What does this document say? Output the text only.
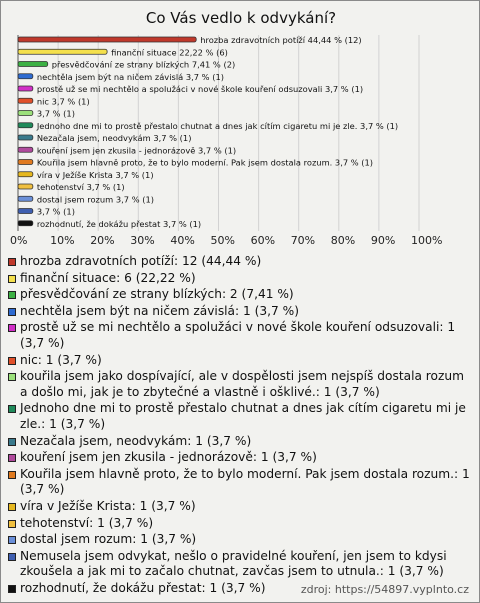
Co Vás vedlo k odvykání?
0% 10% 20% 30% 40% 50% 60% 70% 80% 90% 100%
hrozba zdravotních potíží 44,44 % (12)
finanční situace 22,22 % (6)
přesvědčování ze strany blízkých 7,41 % (2)
nechtěla jsem být na ničem závislá 3,7 % (1)
prostě už se mi nechtělo a spolužáci v nové škole kouření odsuzovali 3,7 % (1)
nic 3,7 % (1)
3,7 % (1)
Jednoho dne mi to prostě přestalo chutnat a dnes jak cítím cigaretu mi je zle. 3,7 % (1)
Nezačala jsem, neodvykám 3,7 % (1)
kouření jsem jen zkusila - jednorázově 3,7 % (1)
Kouřila jsem hlavně proto, že to bylo moderní. Pak jsem dostala rozum. 3,7 % (1)
víra v Ježíše Krista 3,7 % (1)
tehotenství 3,7 % (1)
dostal jsem rozum 3,7 % (1)
3,7 % (1)
rozhodnutí, že dokážu přestat 3,7 % (1)
hrozba zdravotních potíží: 12 (44,44 %)
finanční situace: 6 (22,22 %)
přesvědčování ze strany blízkých: 2 (7,41 %)
nechtěla jsem být na ničem závislá: 1 (3,7 %)
prostě už se mi nechtělo a spolužáci v nové škole kouření odsuzovali: 1 (3,7 %)
nic: 1 (3,7 %)
kouřila jsem jako dospívající, ale v dospělosti jsem nejspíš dostala rozum a došlo mi, jak je to zbytečné a vlastně i ošklivé.: 1 (3,7 %)
Jednoho dne mi to prostě přestalo chutnat a dnes jak cítím cigaretu mi je zle.: 1 (3,7 %)
Nezačala jsem, neodvykám: 1 (3,7 %)
kouření jsem jen zkusila - jednorázově: 1 (3,7 %)
Kouřila jsem hlavně proto, že to bylo moderní. Pak jsem dostala rozum.: 1 (3,7 %)
víra v Ježíše Krista: 1 (3,7 %)
tehotenství: 1 (3,7 %)
dostal jsem rozum: 1 (3,7 %)
Nemusela jsem odvykat, nešlo o pravidelné kouření, jen jsem to kdysi zkoušela a jak mi to začalo chutnat, zavčas jsem to utnula.: 1 (3,7 %)
rozhodnutí, že dokážu přestat: 1 (3,7 %)	zdroj: https://54897.vyplnto.cz
